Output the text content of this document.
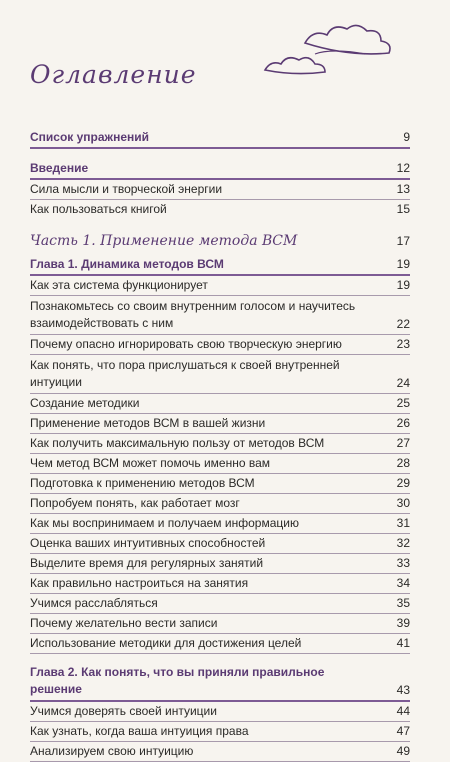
Оглавление
Список упражнений	9
Введение	12
Сила мысли и творческой энергии	13
Как пользоваться книгой	15
Часть 1. Применение метода ВСМ	17
Глава 1. Динамика методов ВСМ	19
Как эта система функционирует	19
Познакомьтесь со своим внутренним голосом и научитесь взаимодействовать с ним	22
Почему опасно игнорировать свою творческую энергию	23
Как понять, что пора прислушаться к своей внутренней интуиции	24
Создание методики	25
Применение методов ВСМ в вашей жизни	26
Как получить максимальную пользу от методов ВСМ	27
Чем метод ВСМ может помочь именно вам	28
Подготовка к применению методов ВСМ	29
Попробуем понять, как работает мозг	30
Как мы воспринимаем и получаем информацию	31
Оценка ваших интуитивных способностей	32
Выделите время для регулярных занятий	33
Как правильно настроиться на занятия	34
Учимся расслабляться	35
Почему желательно вести записи	39
Использование методики для достижения целей	41
Глава 2. Как понять, что вы приняли правильное решение	43
Учимся доверять своей интуиции	44
Как узнать, когда ваша интуиция права	47
Анализируем свою интуицию	49
